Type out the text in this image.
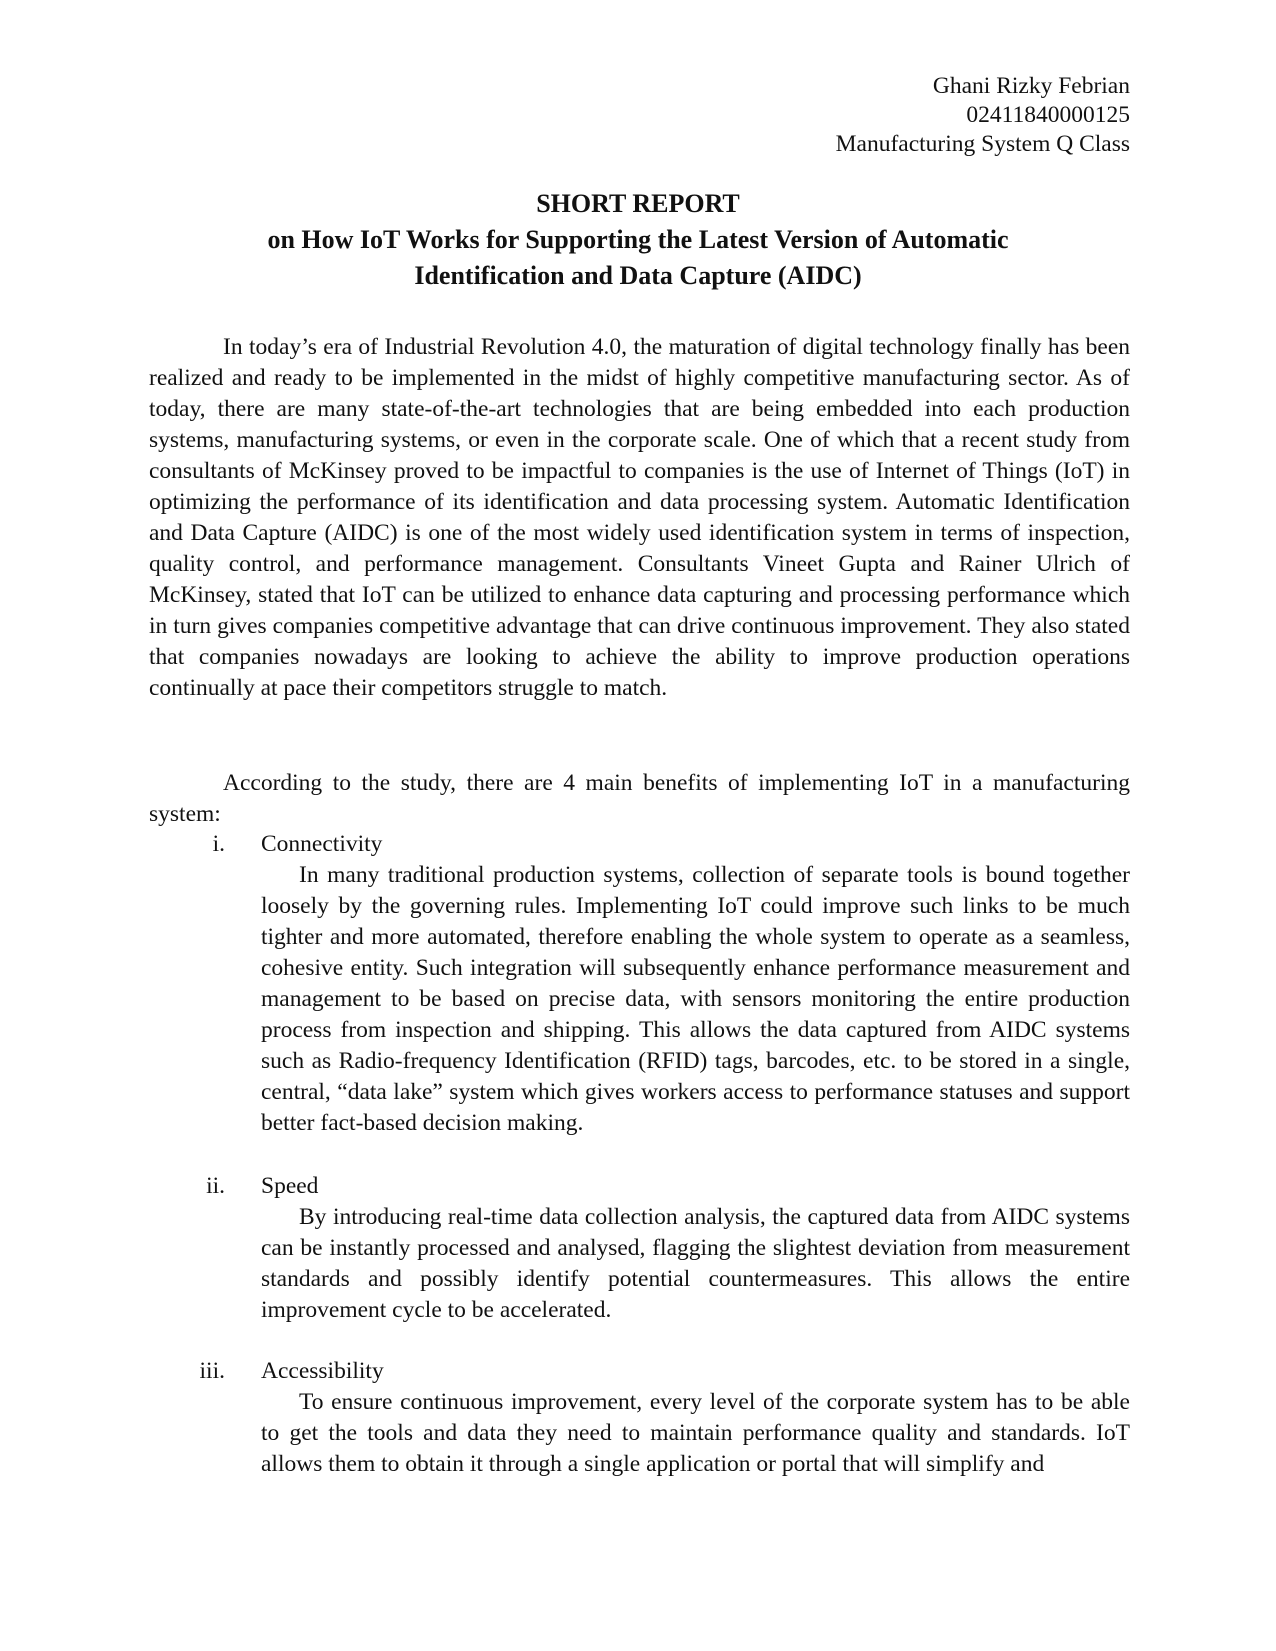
Ghani Rizky Febrian
02411840000125
Manufacturing System Q Class
SHORT REPORT
on How IoT Works for Supporting the Latest Version of Automatic
Identification and Data Capture (AIDC)

In today’s era of Industrial Revolution 4.0, the maturation of digital technology finally has been realized and ready to be implemented in the midst of highly competitive manufacturing sector. As of today, there are many state-of-the-art technologies that are being embedded into each production systems, manufacturing systems, or even in the corporate scale. One of which that a recent study from consultants of McKinsey proved to be impactful to companies is the use of Internet of Things (IoT) in optimizing the performance of its identification and data processing system. Automatic Identification and Data Capture (AIDC) is one of the most widely used identification system in terms of inspection, quality control, and performance management. Consultants Vineet Gupta and Rainer Ulrich of McKinsey, stated that IoT can be utilized to enhance data capturing and processing performance which in turn gives companies competitive advantage that can drive continuous improvement. They also stated that companies nowadays are looking to achieve the ability to improve production operations continually at pace their competitors struggle to match.

According to the study, there are 4 main benefits of implementing IoT in a manufacturing system:

i. Connectivity

In many traditional production systems, collection of separate tools is bound together loosely by the governing rules. Implementing IoT could improve such links to be much tighter and more automated, therefore enabling the whole system to operate as a seamless, cohesive entity. Such integration will subsequently enhance performance measurement and management to be based on precise data, with sensors monitoring the entire production process from inspection and shipping. This allows the data captured from AIDC systems such as Radio-frequency Identification (RFID) tags, barcodes, etc. to be stored in a single, central, “data lake” system which gives workers access to performance statuses and support better fact-based decision making.

ii. Speed

By introducing real-time data collection analysis, the captured data from AIDC systems can be instantly processed and analysed, flagging the slightest deviation from measurement standards and possibly identify potential countermeasures. This allows the entire improvement cycle to be accelerated.

iii. Accessibility

To ensure continuous improvement, every level of the corporate system has to be able to get the tools and data they need to maintain performance quality and standards. IoT allows them to obtain it through a single application or portal that will simplify and
